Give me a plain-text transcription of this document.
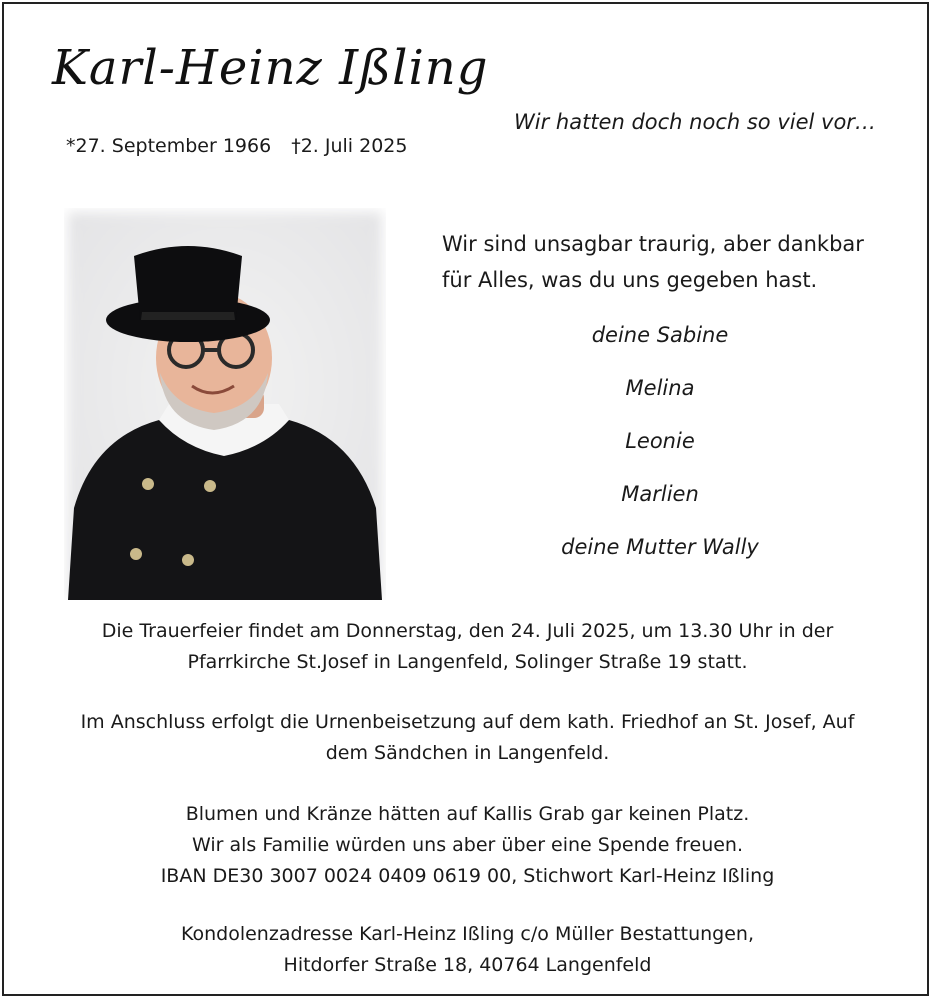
Karl-Heinz Ißling
Wir hatten doch noch so viel vor…
*27. September 1966 †2. Juli 2025
Wir sind unsagbar traurig, aber dankbar
für Alles, was du uns gegeben hast.
deine Sabine
Melina
Leonie
Marlien
deine Mutter Wally
Die Trauerfeier findet am Donnerstag, den 24. Juli 2025, um 13.30 Uhr in der
Pfarrkirche St.Josef in Langenfeld, Solinger Straße 19 statt.
Im Anschluss erfolgt die Urnenbeisetzung auf dem kath. Friedhof an St. Josef, Auf
dem Sändchen in Langenfeld.
Blumen und Kränze hätten auf Kallis Grab gar keinen Platz.
Wir als Familie würden uns aber über eine Spende freuen.
IBAN DE30 3007 0024 0409 0619 00, Stichwort Karl-Heinz Ißling
Kondolenzadresse Karl-Heinz Ißling c/o Müller Bestattungen,
Hitdorfer Straße 18, 40764 Langenfeld
